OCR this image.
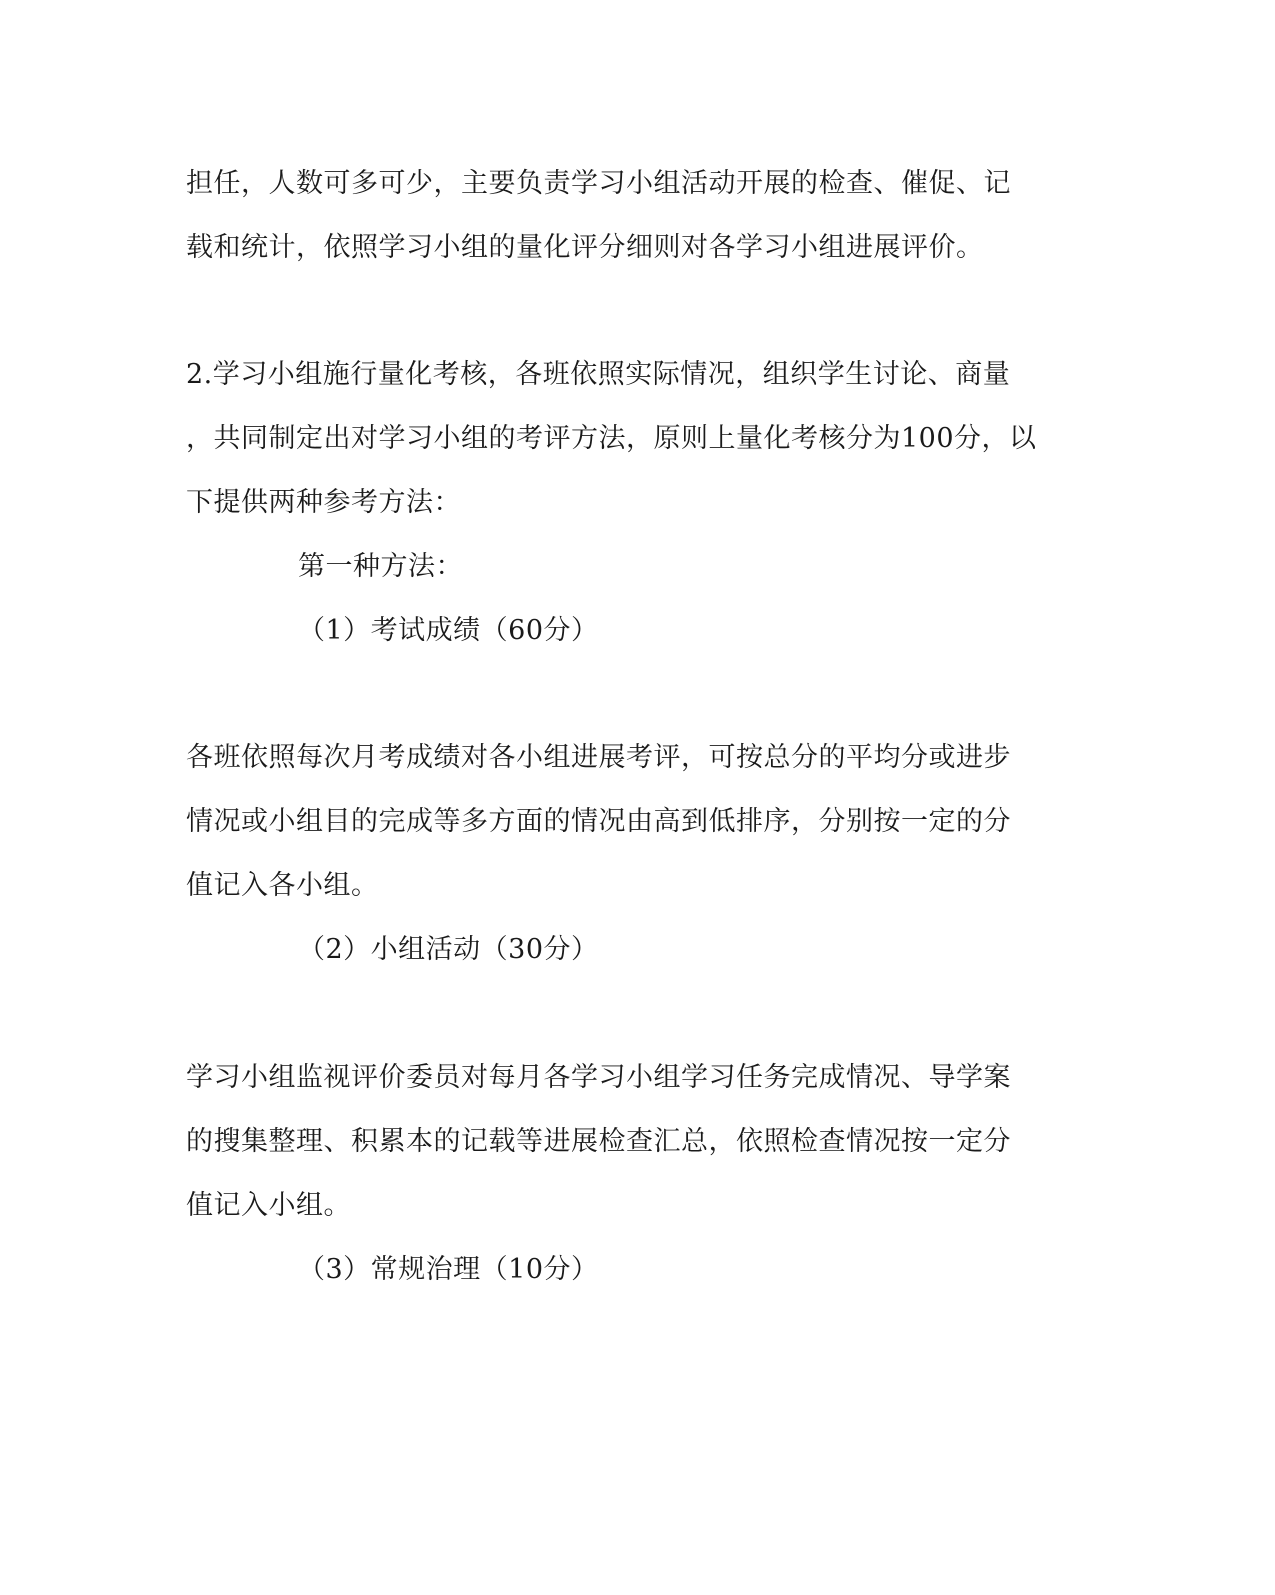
担任，人数可多可少，主要负责学习小组活动开展的检查、催促、记
载和统计，依照学习小组的量化评分细则对各学习小组进展评价。
2.学习小组施行量化考核，各班依照实际情况，组织学生讨论、商量
，共同制定出对学习小组的考评方法，原则上量化考核分为100分，以
下提供两种参考方法：
第一种方法：
（1）考试成绩（60分）
各班依照每次月考成绩对各小组进展考评，可按总分的平均分或进步
情况或小组目的完成等多方面的情况由高到低排序，分别按一定的分
值记入各小组。
（2）小组活动（30分）
学习小组监视评价委员对每月各学习小组学习任务完成情况、导学案
的搜集整理、积累本的记载等进展检查汇总，依照检查情况按一定分
值记入小组。
（3）常规治理（10分）
